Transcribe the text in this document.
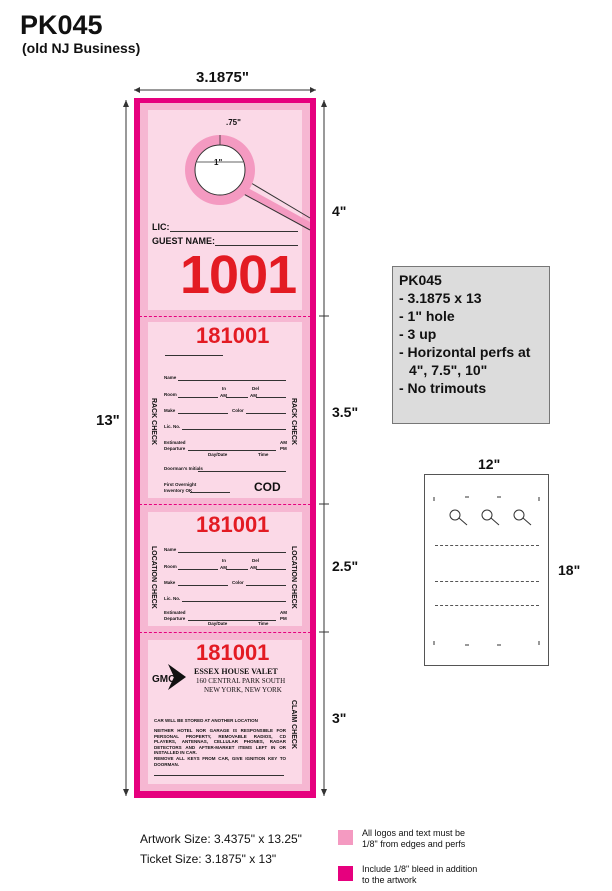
PK045
(old NJ Business)
3.1875"
13"
.75"
1"
LIC:
GUEST NAME:
1001
181001
RACK CHECK	RACK CHECK
Name
In	Del
Room	AM	AM
Make	Color
Lic. No.
Estimated	AM
Departure	PM
Day/Date	Time
Doorman's Initials
First Overnight
Inventory OK	COD
181001
LOCATION CHECK	LOCATION CHECK
Name
In	Del
Room	AM	AM
Make	Color
Lic. No.
Estimated	AM
Departure	PM
Day/Date	Time
181001
GMC
ESSEX HOUSE VALET
160 CENTRAL PARK SOUTH
NEW YORK, NEW YORK
CLAIM CHECK
CAR WILL BE STORED AT ANOTHER LOCATION
NEITHER HOTEL NOR GARAGE IS RESPONSIBLE FOR PERSONAL PROPERTY, REMOVABLE RADIOS, CD PLAYERS, ANTENNAS, CELLULAR PHONES, RADAR DETECTORS AND AFTER-MARKET ITEMS LEFT IN OR INSTALLED IN CAR.
REMOVE ALL KEYS FROM CAR, GIVE IGNITION KEY TO DOORMAN.
4"
3.5"
2.5"
3"
PK045
- 3.1875 x 13
- 1" hole
- 3 up
- Horizontal perfs at
4", 7.5", 10"
- No trimouts
12"
18"
Artwork Size: 3.4375" x 13.25"
Ticket Size: 3.1875" x 13"
All logos and text must be
1/8" from edges and perfs
Include 1/8" bleed in addition
to the artwork
